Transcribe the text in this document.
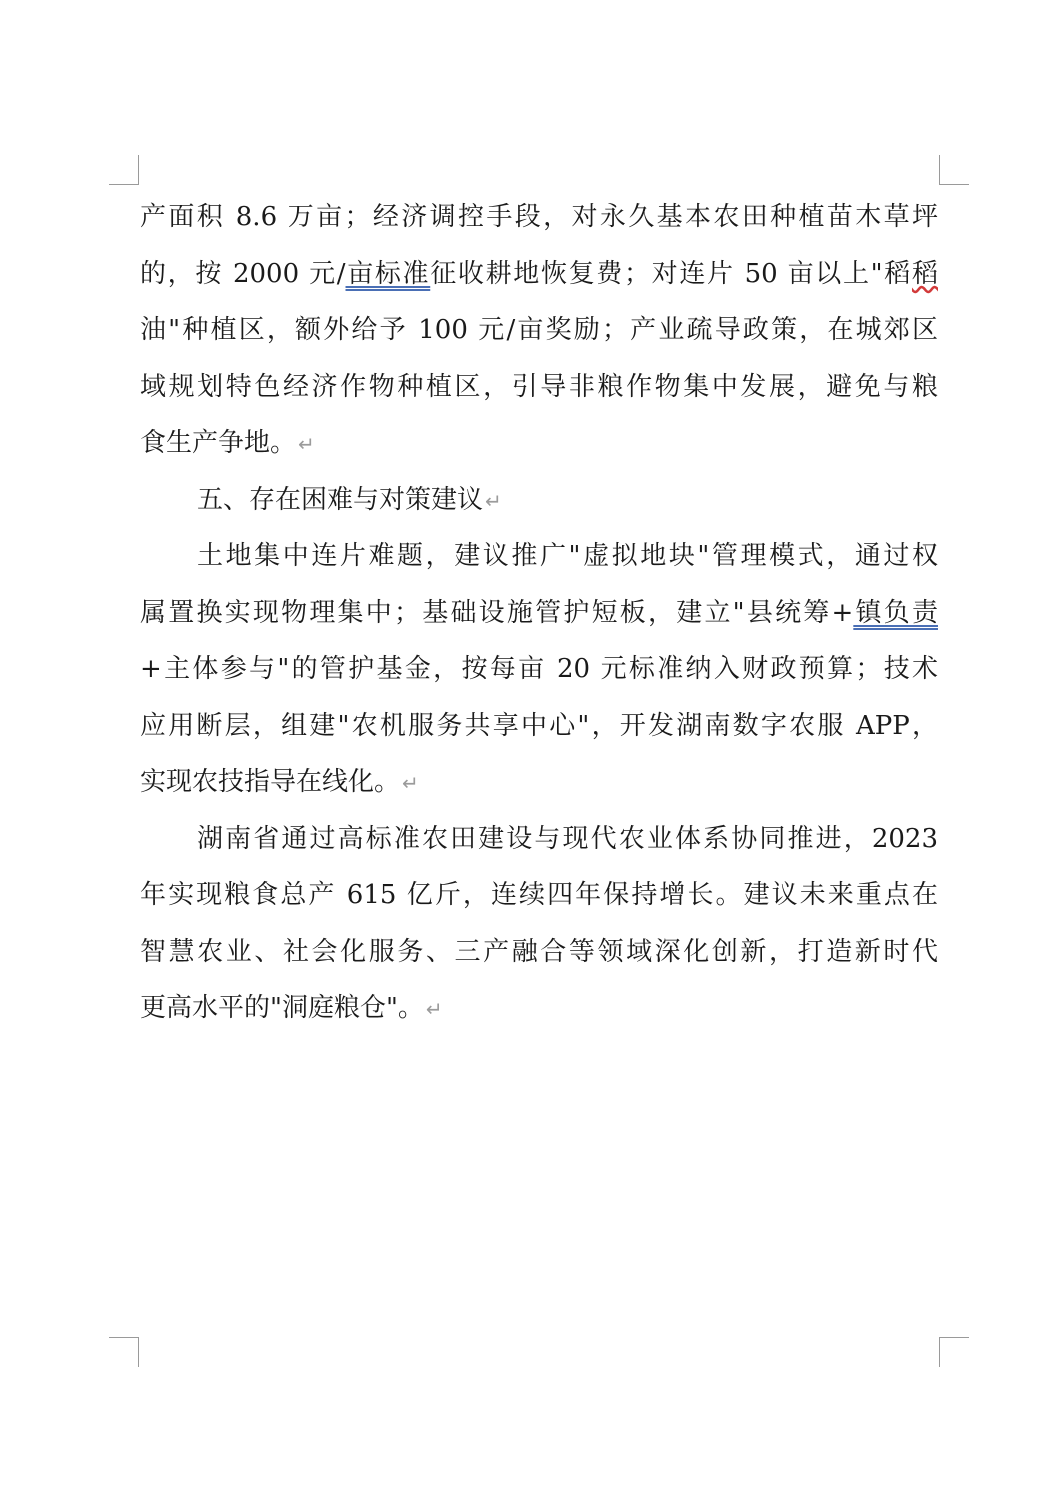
产面积 8.6 万亩；经济调控手段，对永久基本农田种植苗木草坪
的，按 2000 元/亩标准征收耕地恢复费；对连片 50 亩以上"稻稻
油"种植区，额外给予 100 元/亩奖励；产业疏导政策，在城郊区
域规划特色经济作物种植区，引导非粮作物集中发展，避免与粮
食生产争地。 ↵
五、存在困难与对策建议 ↵
土地集中连片难题，建议推广"虚拟地块"管理模式，通过权
属置换实现物理集中；基础设施管护短板，建立"县统筹+镇负责
+主体参与"的管护基金，按每亩 20 元标准纳入财政预算；技术
应用断层，组建"农机服务共享中心"，开发湖南数字农服 APP，
实现农技指导在线化。 ↵
湖南省通过高标准农田建设与现代农业体系协同推进，2023
年实现粮食总产 615 亿斤，连续四年保持增长。建议未来重点在
智慧农业、社会化服务、三产融合等领域深化创新，打造新时代
更高水平的"洞庭粮仓"。 ↵
